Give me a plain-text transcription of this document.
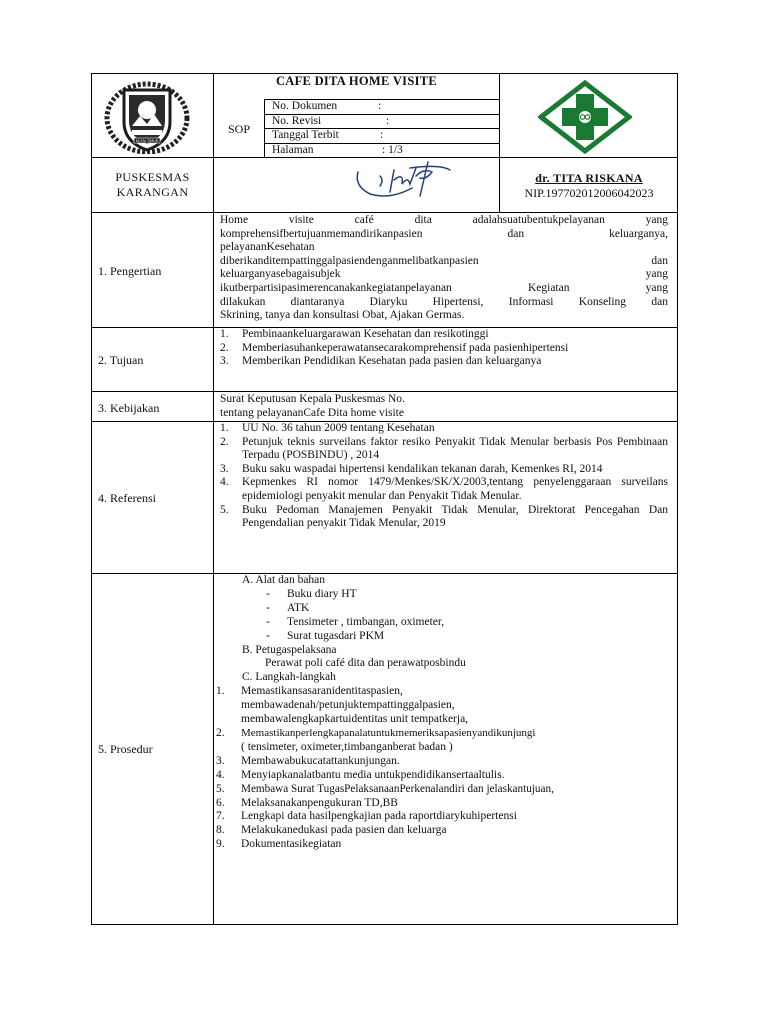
KUTAI TIMUR
CAFE DITA HOME VISITE
SOP
No. Dokumen	:
No. Revisi	:
Tanggal Terbit	:
Halaman	: 1/3
PUSKESMAS
KARANGAN
dr. TITA RISKANA
NIP.197702012006042023
1. Pengertian
Home visite café dita adalahsuatubentukpelayanan yang
komprehensifbertujuanmemandirikanpasien dan keluarganya,
pelayananKesehatan
diberikanditempattinggalpasiendenganmelibatkanpasien dan
keluarganyasebagaisubjek yang
ikutberpartisipasimerencanakankegiatanpelayanan Kegiatan yang
dilakukan diantaranya Diaryku Hipertensi, Informasi Konseling dan
Skrining, tanya dan konsultasi Obat, Ajakan Germas.
2. Tujuan
1. Pembinaankeluargarawan Kesehatan dan resikotinggi
2. Memberiasuhankeperawatansecarakomprehensif pada pasienhipertensi
3. Memberikan Pendidikan Kesehatan pada pasien dan keluarganya
3. Kebijakan
Surat Keputusan Kepala Puskesmas No.
tentang pelayananCafe Dita home visite
4. Referensi
1. UU No. 36 tahun 2009 tentang Kesehatan
2. Petunjuk teknis surveilans faktor resiko Penyakit Tidak Menular berbasis Pos Pembinaan Terpadu (POSBINDU) , 2014
3. Buku saku waspadai hipertensi kendalikan tekanan darah, Kemenkes RI, 2014
4. Kepmenkes RI nomor 1479/Menkes/SK/X/2003,tentang penyelenggaraan surveilans epidemiologi penyakit menular dan Penyakit Tidak Menular.
5. Buku Pedoman Manajemen Penyakit Tidak Menular, Direktorat Pencegahan Dan Pengendalian penyakit Tidak Menular, 2019
5. Prosedur
A. Alat dan bahan
- Buku diary HT
- ATK
- Tensimeter , timbangan, oximeter,
- Surat tugasdari PKM
B. Petugaspelaksana
Perawat poli café dita dan perawatposbindu
C. Langkah-langkah
1. Memastikansasaranidentitaspasien,
membawadenah/petunjuktempattinggalpasien,
membawalengkapkartuidentitas unit tempatkerja,
2. Memastikanperlengkapanalatuntukmemeriksapasienyandikunjungi
( tensimeter, oximeter,timbanganberat badan )
3. Membawabukucatattankunjungan.
4. Menyiapkanalatbantu media untukpendidikansertaaltulis.
5. Membawa Surat TugasPelaksanaanPerkenalandiri dan jelaskantujuan,
6. Melaksanakanpengukuran TD,BB
7. Lengkapi data hasilpengkajian pada raportdiarykuhipertensi
8. Melakukanedukasi pada pasien dan keluarga
9. Dokumentasikegiatan
